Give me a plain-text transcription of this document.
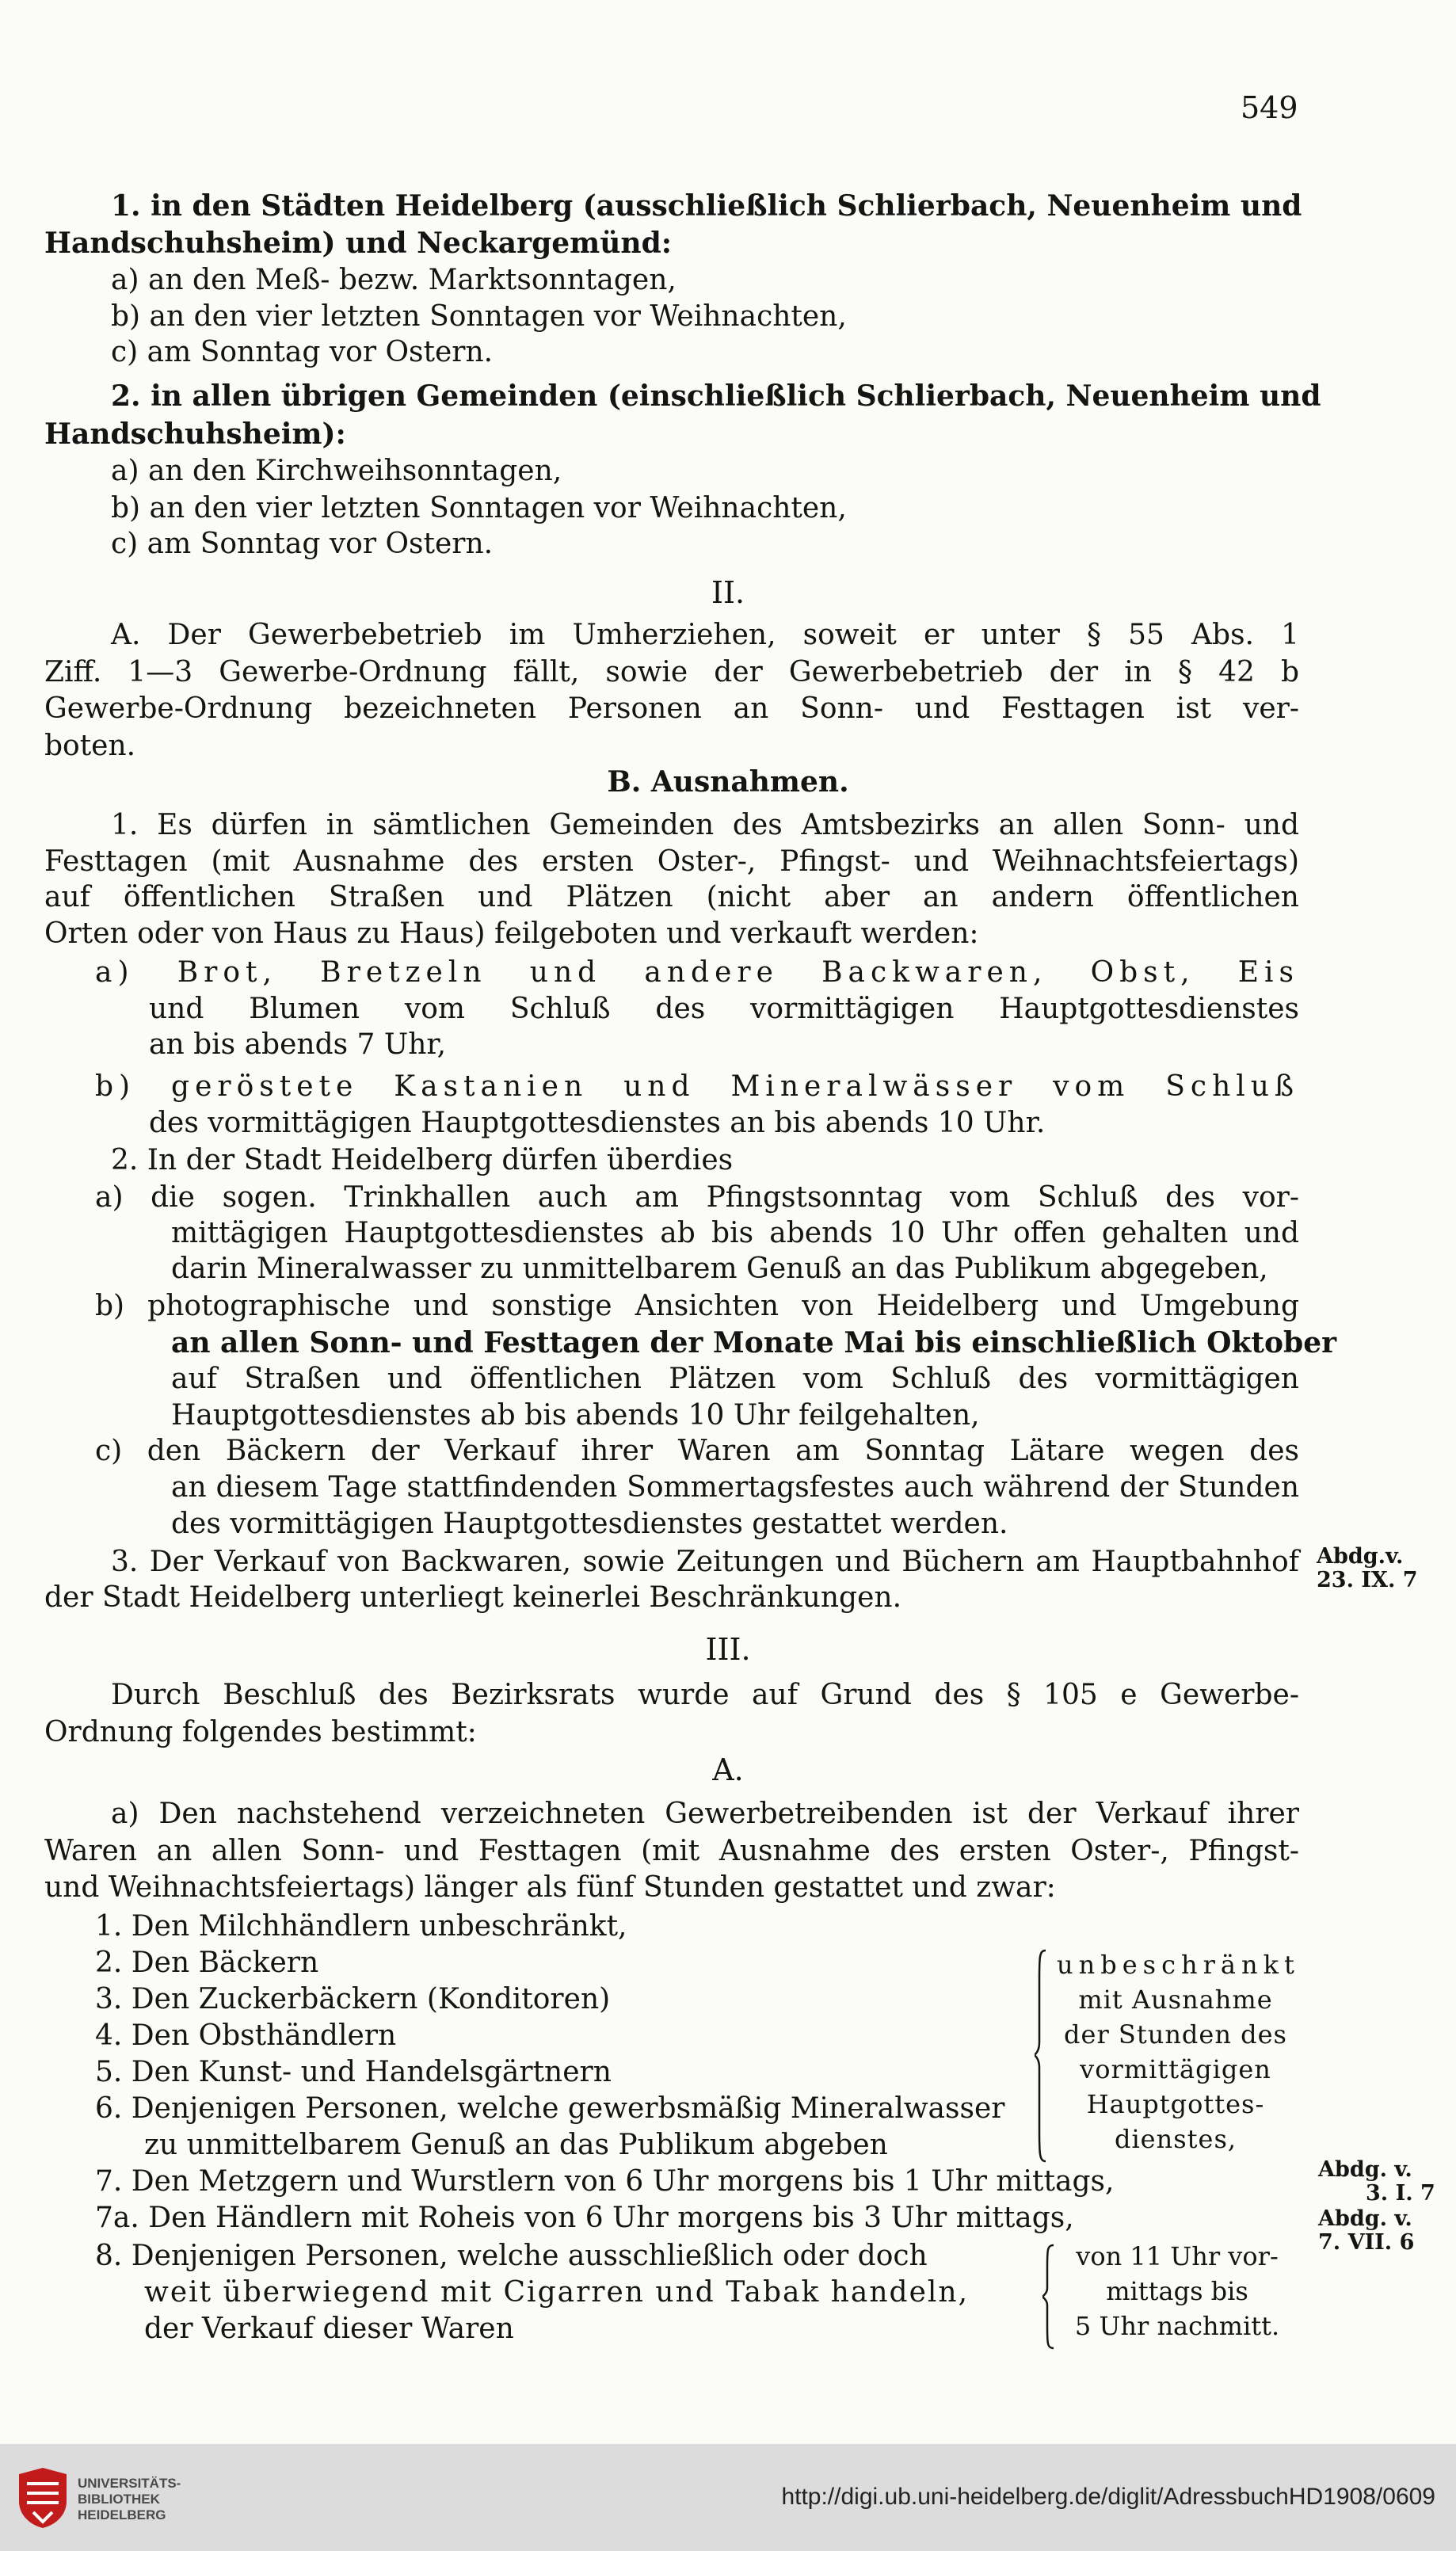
549
1. in den Städten Heidelberg (ausschließlich Schlierbach, Neuenheim und
Handschuhsheim) und Neckargemünd:
a) an den Meß- bezw. Marktsonntagen,
b) an den vier letzten Sonntagen vor Weihnachten,
c) am Sonntag vor Ostern.
2. in allen übrigen Gemeinden (einschließlich Schlierbach, Neuenheim und
Handschuhsheim):
a) an den Kirchweihsonntagen,
b) an den vier letzten Sonntagen vor Weihnachten,
c) am Sonntag vor Ostern.
II.
A. Der Gewerbebetrieb im Umherziehen, soweit er unter § 55 Abs. 1
Ziff. 1—3 Gewerbe-Ordnung fällt, sowie der Gewerbebetrieb der in § 42 b
Gewerbe-Ordnung bezeichneten Personen an Sonn- und Festtagen ist ver-
boten.
B. Ausnahmen.
1. Es dürfen in sämtlichen Gemeinden des Amtsbezirks an allen Sonn- und
Festtagen (mit Ausnahme des ersten Oster-, Pfingst- und Weihnachtsfeiertags)
auf öffentlichen Straßen und Plätzen (nicht aber an andern öffentlichen
Orten oder von Haus zu Haus) feilgeboten und verkauft werden:
a) Brot, Bretzeln und andere Backwaren, Obst, Eis
und Blumen vom Schluß des vormittägigen Hauptgottesdienstes
an bis abends 7 Uhr,
b) geröstete Kastanien und Mineralwässer vom Schluß
des vormittägigen Hauptgottesdienstes an bis abends 10 Uhr.
2. In der Stadt Heidelberg dürfen überdies
a) die sogen. Trinkhallen auch am Pfingstsonntag vom Schluß des vor-
mittägigen Hauptgottesdienstes ab bis abends 10 Uhr offen gehalten und
darin Mineralwasser zu unmittelbarem Genuß an das Publikum abgegeben,
b) photographische und sonstige Ansichten von Heidelberg und Umgebung
an allen Sonn- und Festtagen der Monate Mai bis einschließlich Oktober
auf Straßen und öffentlichen Plätzen vom Schluß des vormittägigen
Hauptgottesdienstes ab bis abends 10 Uhr feilgehalten,
c) den Bäckern der Verkauf ihrer Waren am Sonntag Lätare wegen des
an diesem Tage stattfindenden Sommertagsfestes auch während der Stunden
des vormittägigen Hauptgottesdienstes gestattet werden.
3. Der Verkauf von Backwaren, sowie Zeitungen und Büchern am Hauptbahnhof
der Stadt Heidelberg unterliegt keinerlei Beschränkungen.
Abdg.v.
23. IX. 7
III.
Durch Beschluß des Bezirksrats wurde auf Grund des § 105 e Gewerbe-
Ordnung folgendes bestimmt:
A.
a) Den nachstehend verzeichneten Gewerbetreibenden ist der Verkauf ihrer
Waren an allen Sonn- und Festtagen (mit Ausnahme des ersten Oster-, Pfingst-
und Weihnachtsfeiertags) länger als fünf Stunden gestattet und zwar:
1. Den Milchhändlern unbeschränkt,
2. Den Bäckern
3. Den Zuckerbäckern (Konditoren)
4. Den Obsthändlern
5. Den Kunst- und Handelsgärtnern
6. Denjenigen Personen, welche gewerbsmäßig Mineralwasser
zu unmittelbarem Genuß an das Publikum abgeben
unbeschränkt
mit Ausnahme
der Stunden des
vormittägigen
Hauptgottes-
dienstes,
7. Den Metzgern und Wurstlern von 6 Uhr morgens bis 1 Uhr mittags,
7a. Den Händlern mit Roheis von 6 Uhr morgens bis 3 Uhr mittags,
8. Denjenigen Personen, welche ausschließlich oder doch
weit überwiegend mit Cigarren und Tabak handeln,
der Verkauf dieser Waren
von 11 Uhr vor-
mittags bis
5 Uhr nachmitt.
Abdg. v.
3. I. 7
Abdg. v.
7. VII. 6
UNIVERSITÄTS-
BIBLIOTHEK
HEIDELBERG
http://digi.ub.uni-heidelberg.de/diglit/AdressbuchHD1908/0609
